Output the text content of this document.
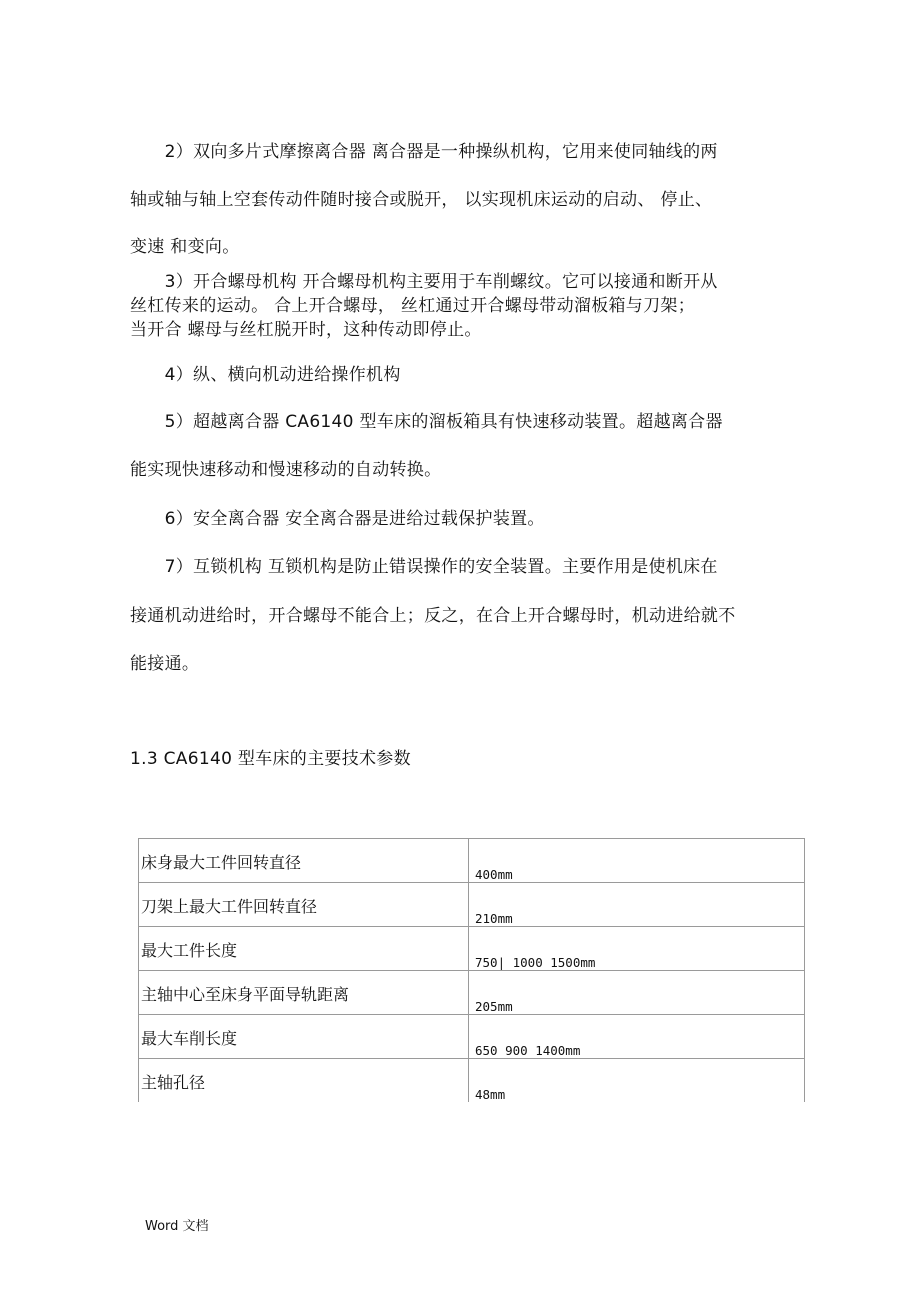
　　2）双向多片式摩擦离合器 离合器是一种操纵机构，它用来使同轴线的两
轴或轴与轴上空套传动件随时接合或脱开， 以实现机床运动的启动、 停止、
变速 和变向。
　　3）开合螺母机构 开合螺母机构主要用于车削螺纹。它可以接通和断开从
丝杠传来的运动。 合上开合螺母， 丝杠通过开合螺母带动溜板箱与刀架；
当开合 螺母与丝杠脱开时，这种传动即停止。
　　4）纵、横向机动进给操作机构
　　5）超越离合器 CA6140 型车床的溜板箱具有快速移动装置。超越离合器
能实现快速移动和慢速移动的自动转换。
　　6）安全离合器 安全离合器是进给过载保护装置。
　　7）互锁机构 互锁机构是防止错误操作的安全装置。主要作用是使机床在
接通机动进给时，开合螺母不能合上；反之，在合上开合螺母时，机动进给就不
能接通。
1.3 CA6140 型车床的主要技术参数
床身最大工件回转直径	400mm
刀架上最大工件回转直径	210mm
最大工件长度	750| 1000 1500mm
主轴中心至床身平面导轨距离	205mm
最大车削长度	650 900 1400mm
主轴孔径	48mm
Word 文档
